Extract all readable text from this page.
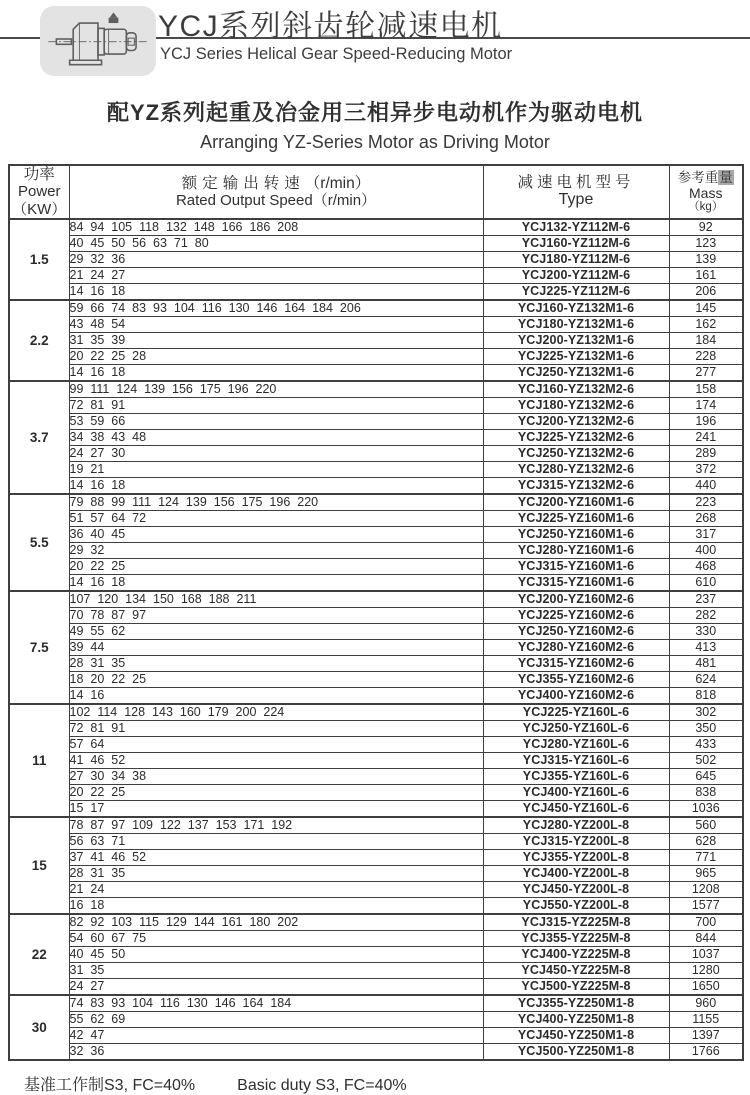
YCJ系列斜齿轮减速电机
YCJ Series Helical Gear Speed-Reducing Motor
配YZ系列起重及冶金用三相异步电动机作为驱动电机
Arranging YZ-Series Motor as Driving Motor
功率
Power
（KW）

额定输出转速（r/min）
Rated Output Speed（r/min）

减速电机型号
Type

参考重量
Mass
（kg）

1.5	84 94 105 118 132 148 166 186 208	YCJ132-YZ112M-6	92
	40 45 50 56 63 71 80	YCJ160-YZ112M-6	123
	29 32 36	YCJ180-YZ112M-6	139
	21 24 27	YCJ200-YZ112M-6	161
	14 16 18	YCJ225-YZ112M-6	206
2.2	59 66 74 83 93 104 116 130 146 164 184 206	YCJ160-YZ132M1-6	145
	43 48 54	YCJ180-YZ132M1-6	162
	31 35 39	YCJ200-YZ132M1-6	184
	20 22 25 28	YCJ225-YZ132M1-6	228
	14 16 18	YCJ250-YZ132M1-6	277
3.7	99 111 124 139 156 175 196 220	YCJ160-YZ132M2-6	158
	72 81 91	YCJ180-YZ132M2-6	174
	53 59 66	YCJ200-YZ132M2-6	196
	34 38 43 48	YCJ225-YZ132M2-6	241
	24 27 30	YCJ250-YZ132M2-6	289
	19 21	YCJ280-YZ132M2-6	372
	14 16 18	YCJ315-YZ132M2-6	440
5.5	79 88 99 111 124 139 156 175 196 220	YCJ200-YZ160M1-6	223
	51 57 64 72	YCJ225-YZ160M1-6	268
	36 40 45	YCJ250-YZ160M1-6	317
	29 32	YCJ280-YZ160M1-6	400
	20 22 25	YCJ315-YZ160M1-6	468
	14 16 18	YCJ315-YZ160M1-6	610
7.5	107 120 134 150 168 188 211	YCJ200-YZ160M2-6	237
	70 78 87 97	YCJ225-YZ160M2-6	282
	49 55 62	YCJ250-YZ160M2-6	330
	39 44	YCJ280-YZ160M2-6	413
	28 31 35	YCJ315-YZ160M2-6	481
	18 20 22 25	YCJ355-YZ160M2-6	624
	14 16	YCJ400-YZ160M2-6	818
11	102 114 128 143 160 179 200 224	YCJ225-YZ160L-6	302
	72 81 91	YCJ250-YZ160L-6	350
	57 64	YCJ280-YZ160L-6	433
	41 46 52	YCJ315-YZ160L-6	502
	27 30 34 38	YCJ355-YZ160L-6	645
	20 22 25	YCJ400-YZ160L-6	838
	15 17	YCJ450-YZ160L-6	1036
15	78 87 97 109 122 137 153 171 192	YCJ280-YZ200L-8	560
	56 63 71	YCJ315-YZ200L-8	628
	37 41 46 52	YCJ355-YZ200L-8	771
	28 31 35	YCJ400-YZ200L-8	965
	21 24	YCJ450-YZ200L-8	1208
	16 18	YCJ550-YZ200L-8	1577
22	82 92 103 115 129 144 161 180 202	YCJ315-YZ225M-8	700
	54 60 67 75	YCJ355-YZ225M-8	844
	40 45 50	YCJ400-YZ225M-8	1037
	31 35	YCJ450-YZ225M-8	1280
	24 27	YCJ500-YZ225M-8	1650
30	74 83 93 104 116 130 146 164 184	YCJ355-YZ250M1-8	960
	55 62 69	YCJ400-YZ250M1-8	1155
	42 47	YCJ450-YZ250M1-8	1397
	32 36	YCJ500-YZ250M1-8	1766
基准工作制S3, FC=40%	Basic duty S3, FC=40%
